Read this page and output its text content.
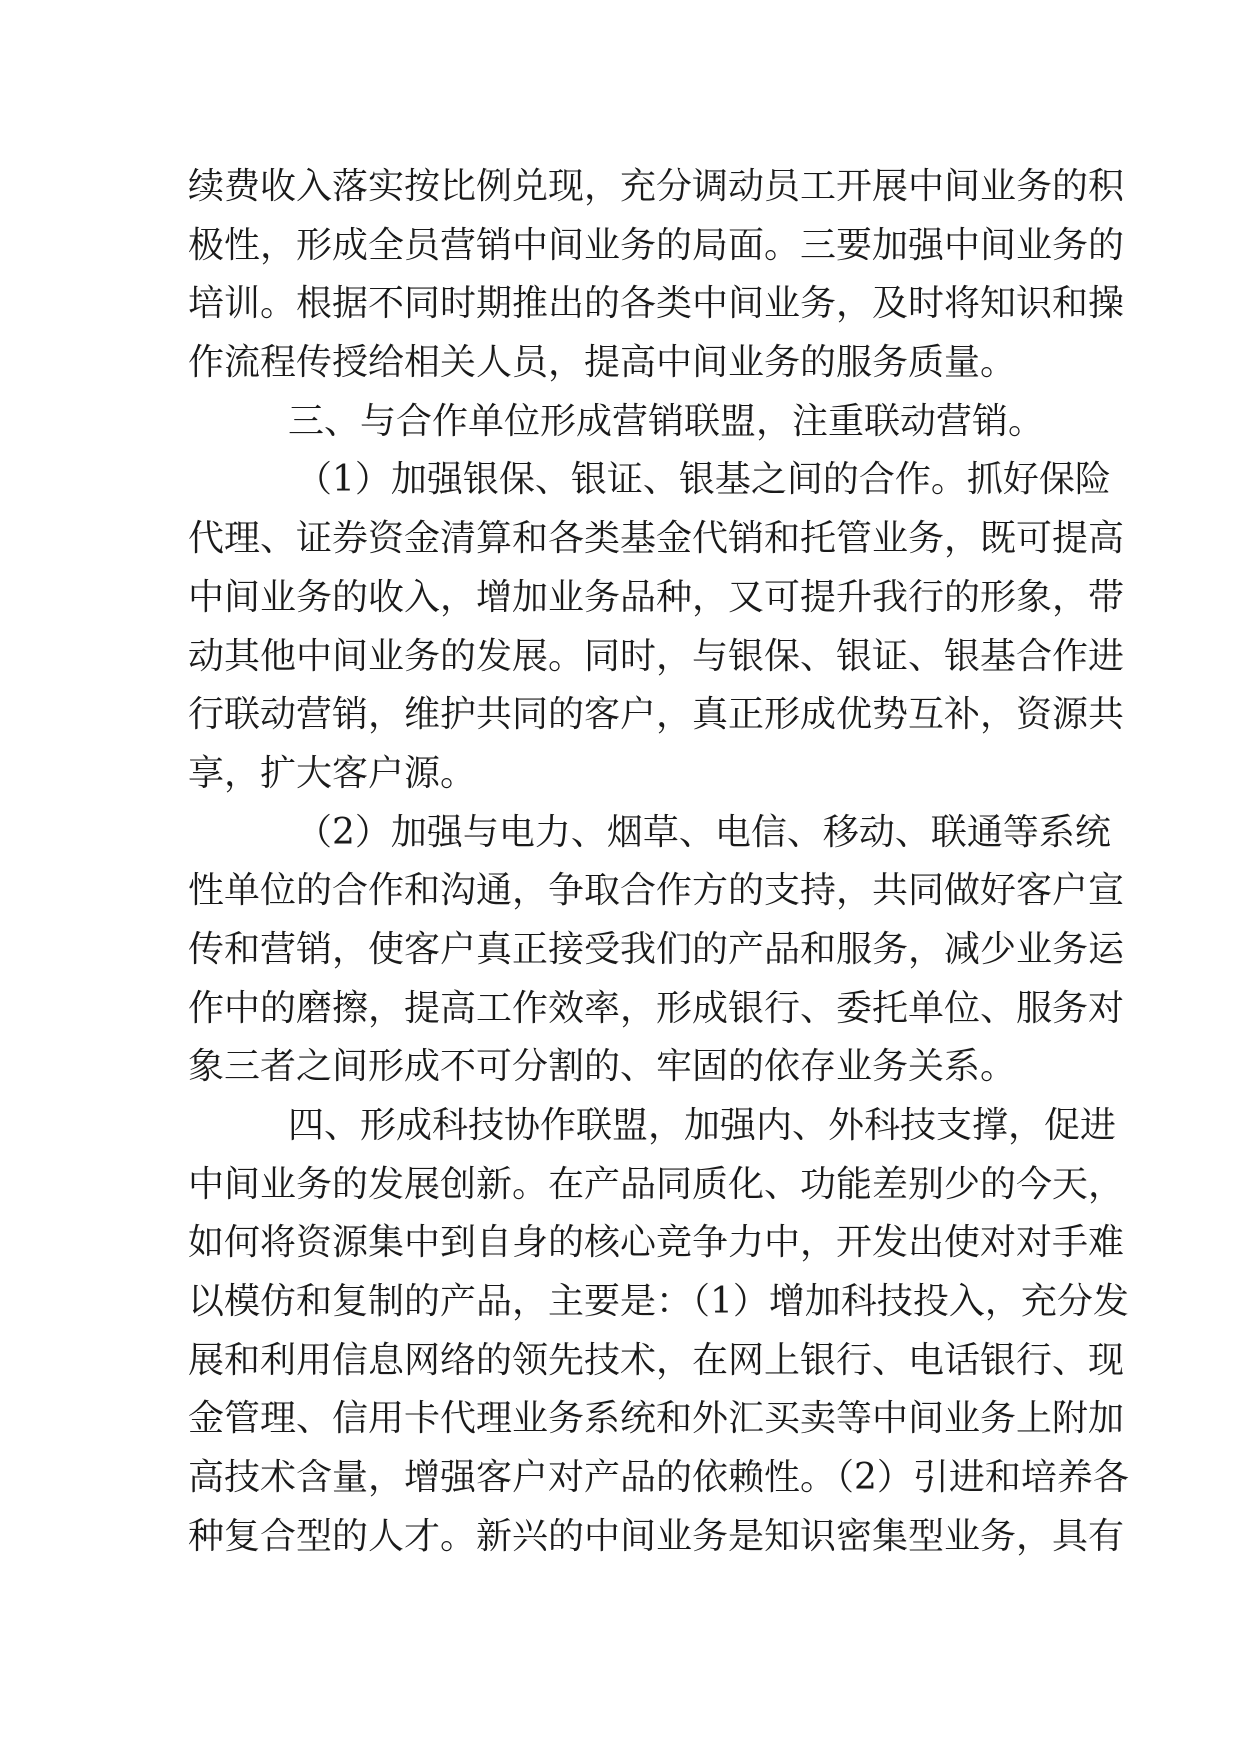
续费收入落实按比例兑现，充分调动员工开展中间业务的积
极性，形成全员营销中间业务的局面。三要加强中间业务的
培训。根据不同时期推出的各类中间业务，及时将知识和操
作流程传授给相关人员，提高中间业务的服务质量。
三、与合作单位形成营销联盟，注重联动营销。
（1）加强银保、银证、银基之间的合作。抓好保险
代理、证券资金清算和各类基金代销和托管业务，既可提高
中间业务的收入，增加业务品种，又可提升我行的形象，带
动其他中间业务的发展。同时，与银保、银证、银基合作进
行联动营销，维护共同的客户，真正形成优势互补，资源共
享，扩大客户源。
（2）加强与电力、烟草、电信、移动、联通等系统
性单位的合作和沟通，争取合作方的支持，共同做好客户宣
传和营销，使客户真正接受我们的产品和服务，减少业务运
作中的磨擦，提高工作效率，形成银行、委托单位、服务对
象三者之间形成不可分割的、牢固的依存业务关系。
四、形成科技协作联盟，加强内、外科技支撑，促进
中间业务的发展创新。在产品同质化、功能差别少的今天，
如何将资源集中到自身的核心竞争力中，开发出使对对手难
以模仿和复制的产品，主要是：（1）增加科技投入，充分发
展和利用信息网络的领先技术，在网上银行、电话银行、现
金管理、信用卡代理业务系统和外汇买卖等中间业务上附加
高技术含量，增强客户对产品的依赖性。（2）引进和培养各
种复合型的人才。新兴的中间业务是知识密集型业务，具有
